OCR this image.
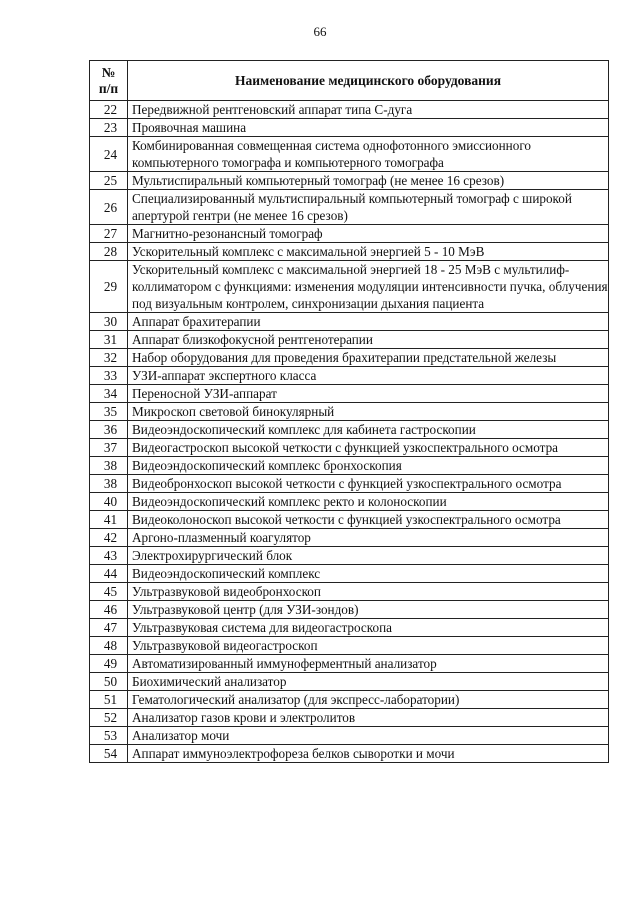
66
№
п/п	Наименование медицинского оборудования
22	Передвижной рентгеновский аппарат типа С-дуга
23	Проявочная машина
24	Комбинированная совмещенная система однофотонного эмиссионного компьютерного томографа и компьютерного томографа
25	Мультиспиральный компьютерный томограф (не менее 16 срезов)
26	Специализированный мультиспиральный компьютерный томограф с широкой апертурой гентри (не менее 16 срезов)
27	Магнитно-резонансный томограф
28	Ускорительный комплекс с максимальной энергией 5 - 10 МэВ
29	Ускорительный комплекс с максимальной энергией 18 - 25 МэВ с мультилиф-коллиматором с функциями: изменения модуляции интенсивности пучка, облучения под визуальным контролем, синхронизации дыхания пациента
30	Аппарат брахитерапии
31	Аппарат близкофокусной рентгенотерапии
32	Набор оборудования для проведения брахитерапии предстательной железы
33	УЗИ-аппарат экспертного класса
34	Переносной УЗИ-аппарат
35	Микроскоп световой бинокулярный
36	Видеоэндоскопический комплекс для кабинета гастроскопии
37	Видеогастроскоп высокой четкости с функцией узкоспектрального осмотра
38	Видеоэндоскопический комплекс бронхоскопия
38	Видеобронхоскоп высокой четкости с функцией узкоспектрального осмотра
40	Видеоэндоскопический комплекс ректо и колоноскопии
41	Видеоколоноскоп высокой четкости с функцией узкоспектрального осмотра
42	Аргоно-плазменный коагулятор
43	Электрохирургический блок
44	Видеоэндоскопический комплекс
45	Ультразвуковой видеобронхоскоп
46	Ультразвуковой центр (для УЗИ-зондов)
47	Ультразвуковая система для видеогастроскопа
48	Ультразвуковой видеогастроскоп
49	Автоматизированный иммуноферментный анализатор
50	Биохимический анализатор
51	Гематологический анализатор (для экспресс-лаборатории)
52	Анализатор газов крови и электролитов
53	Анализатор мочи
54	Аппарат иммуноэлектрофореза белков сыворотки и мочи
